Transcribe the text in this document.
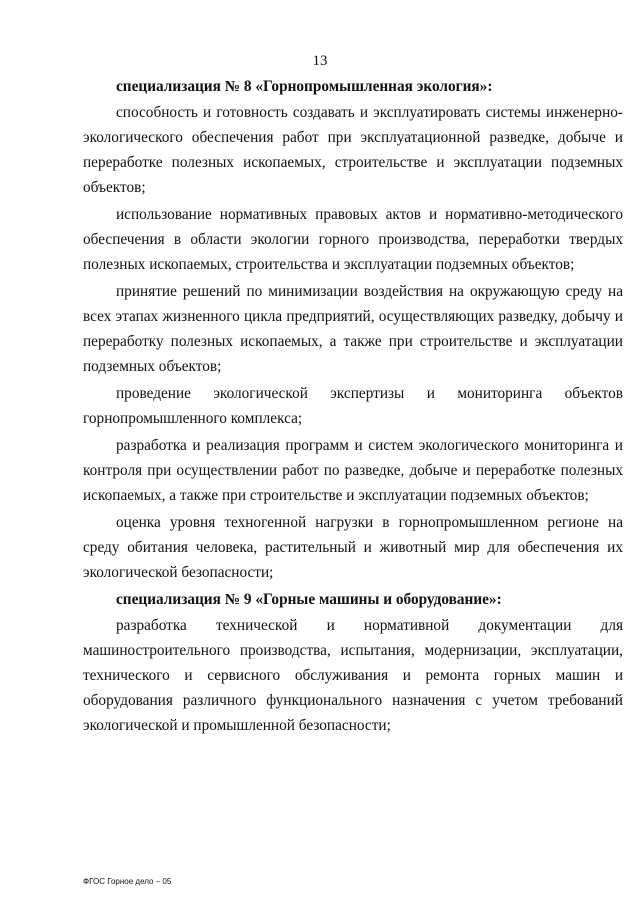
13

специализация № 8 «Горнопромышленная экология»:

способность и готовность создавать и эксплуатировать системы инженерно-экологического обеспечения работ при эксплуатационной разведке, добыче и переработке полезных ископаемых, строительстве и эксплуатации подземных объектов;

использование нормативных правовых актов и нормативно-методического обеспечения в области экологии горного производства, переработки твердых полезных ископаемых, строительства и эксплуатации подземных объектов;

принятие решений по минимизации воздействия на окружающую среду на всех этапах жизненного цикла предприятий, осуществляющих разведку, добычу и переработку полезных ископаемых, а также при строительстве и эксплуатации подземных объектов;

проведение экологической экспертизы и мониторинга объектов горнопромышленного комплекса;

разработка и реализация программ и систем экологического мониторинга и контроля при осуществлении работ по разведке, добыче и переработке полезных ископаемых, а также при строительстве и эксплуатации подземных объектов;

оценка уровня техногенной нагрузки в горнопромышленном регионе на среду обитания человека, растительный и животный мир для обеспечения их экологической безопасности;

специализация № 9 «Горные машины и оборудование»:

разработка технической и нормативной документации для машиностроительного производства, испытания, модернизации, эксплуатации, технического и сервисного обслуживания и ремонта горных машин и оборудования различного функционального назначения с учетом требований экологической и промышленной безопасности;

ФГОС Горное дело – 05
